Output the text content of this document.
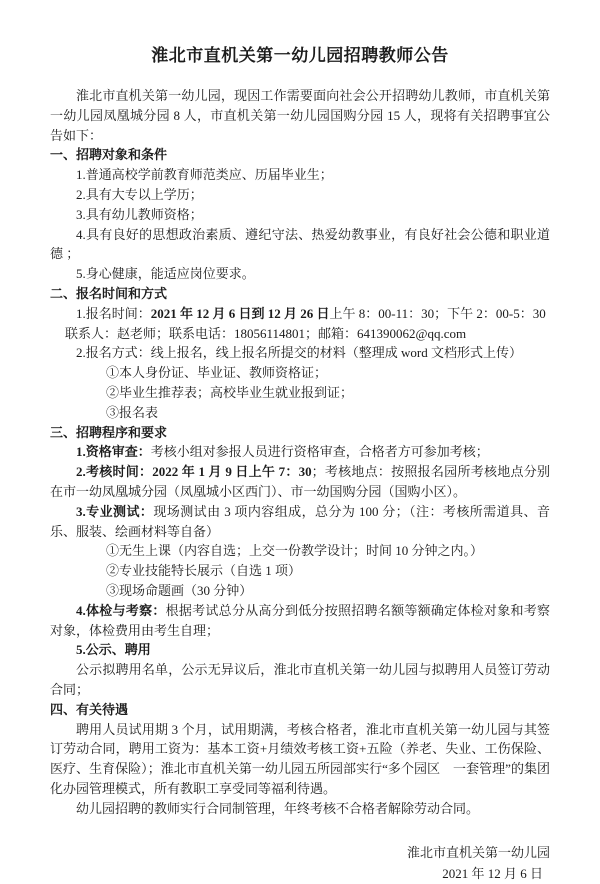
淮北市直机关第一幼儿园招聘教师公告

淮北市直机关第一幼儿园，现因工作需要面向社会公开招聘幼儿教师，市直机关第一幼儿园凤凰城分园 8 人，市直机关第一幼儿园国购分园 15 人，现将有关招聘事宜公告如下：

一、招聘对象和条件

1.普通高校学前教育师范类应、历届毕业生；

2.具有大专以上学历；

3.具有幼儿教师资格；

4.具有良好的思想政治素质、遵纪守法、热爱幼教事业，有良好社会公德和职业道德 ；

5.身心健康，能适应岗位要求。

二、报名时间和方式

1.报名时间：2021 年 12 月 6 日到 12 月 26 日上午 8：00-11：30；下午 2：00-5：30

联系人：赵老师；联系电话：18056114801；邮箱：641390062@qq.com

2.报名方式：线上报名，线上报名所提交的材料（整理成 word 文档形式上传）

①本人身份证、毕业证、教师资格证；

②毕业生推荐表；高校毕业生就业报到证；

③报名表

三、招聘程序和要求

1.资格审查：考核小组对参报人员进行资格审查，合格者方可参加考核；

2.考核时间：2022 年 1 月 9 日上午 7：30；考核地点：按照报名园所考核地点分别在市一幼凤凰城分园（凤凰城小区西门）、市一幼国购分园（国购小区）。

3.专业测试：现场测试由 3 项内容组成，总分为 100 分；（注：考核所需道具、音乐、服装、绘画材料等自备）

①无生上课（内容自选；上交一份教学设计；时间 10 分钟之内。）

②专业技能特长展示（自选 1 项）

③现场命题画（30 分钟）

4.体检与考察：根据考试总分从高分到低分按照招聘名额等额确定体检对象和考察对象，体检费用由考生自理；

5.公示、聘用

公示拟聘用名单，公示无异议后，淮北市直机关第一幼儿园与拟聘用人员签订劳动合同；

四、有关待遇

聘用人员试用期 3 个月，试用期满，考核合格者，淮北市直机关第一幼儿园与其签订劳动合同，聘用工资为：基本工资+月绩效考核工资+五险（养老、失业、工伤保险、医疗、生育保险）；淮北市直机关第一幼儿园五所园部实行“多个园区　一套管理”的集团化办园管理模式，所有教职工享受同等福利待遇。

幼儿园招聘的教师实行合同制管理，年终考核不合格者解除劳动合同。

淮北市直机关第一幼儿园

2021 年 12 月 6 日
